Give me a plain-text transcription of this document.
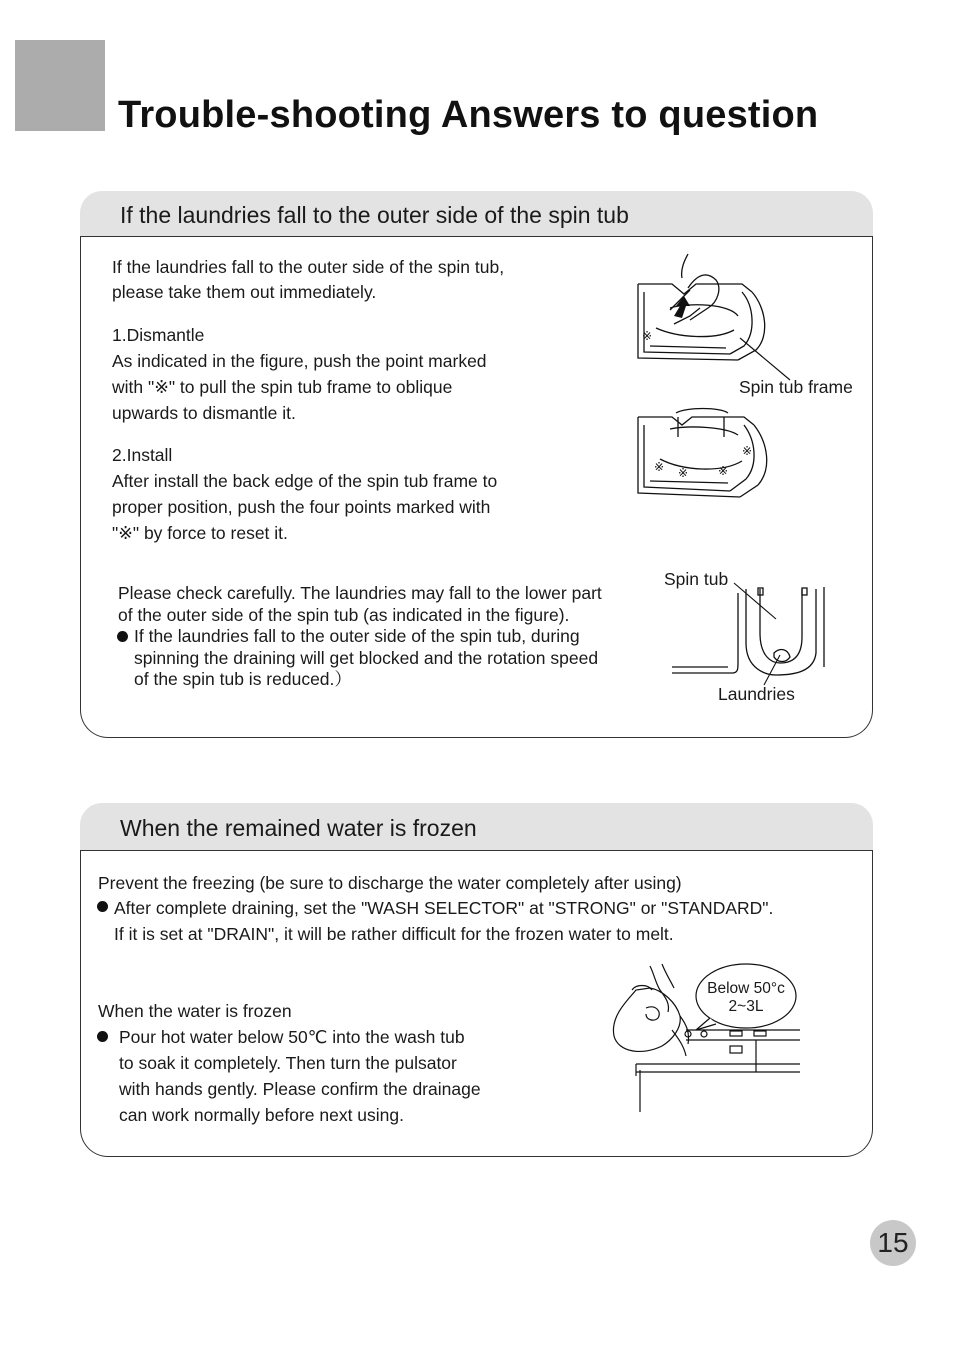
Trouble-shooting Answers to question
If the laundries fall to the outer side of the spin tub
If the laundries fall to the outer side of the spin tub,
please take them out immediately.
1.Dismantle
As indicated in the figure, push the point marked
with "※" to pull the spin tub frame to oblique
upwards to dismantle it.
2.Install
After install the back edge of the spin tub frame to
proper position, push the four points marked with
"※" by force to reset it.
Please check carefully. The laundries may fall to the lower part
of the outer side of the spin tub (as indicated in the figure).
If the laundries fall to the outer side of the spin tub, during
spinning the draining will get blocked and the rotation speed
of the spin tub is reduced.）
※
Spin tub frame
※ ※ ※
※
Spin tub
Laundries
When the remained water is frozen
Prevent the freezing (be sure to discharge the water completely after using)
After complete draining, set the "WASH SELECTOR" at "STRONG" or "STANDARD".
If it is set at "DRAIN", it will be rather difficult for the frozen water to melt.
When the water is frozen
Pour hot water below 50℃ into the wash tub
to soak it completely. Then turn the pulsator
with hands gently. Please confirm the drainage
can work normally before next using.
Below 50°c
2~3L
15
